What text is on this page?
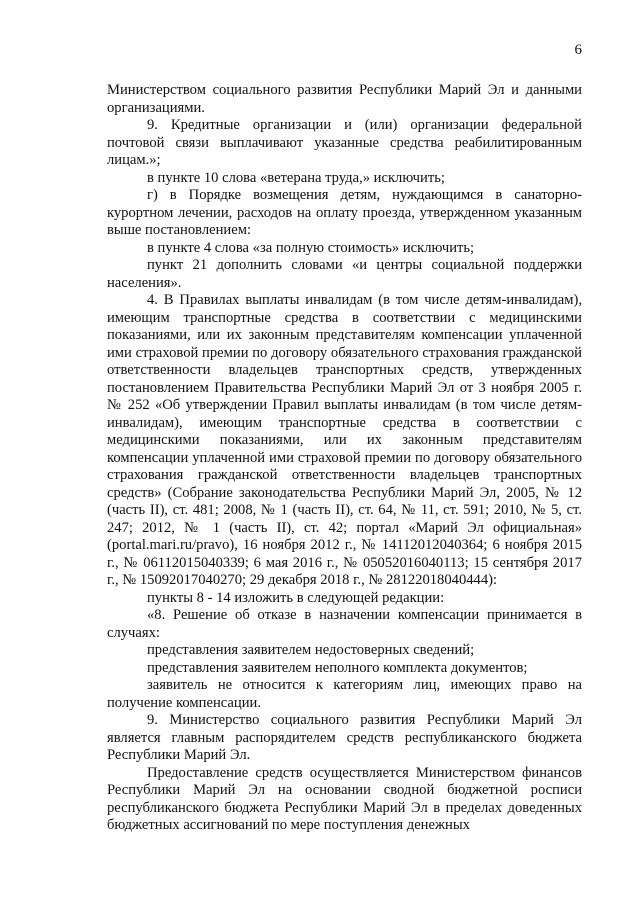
6

Министерством социального развития Республики Марий Эл и данными организациями.

9. Кредитные организации и (или) организации федеральной почтовой связи выплачивают указанные средства реабилитированным лицам.»;

в пункте 10 слова «ветерана труда,» исключить;

г) в Порядке возмещения детям, нуждающимся в санаторно-курортном лечении, расходов на оплату проезда, утвержденном указанным выше постановлением:

в пункте 4 слова «за полную стоимость» исключить;

пункт 21 дополнить словами «и центры социальной поддержки населения».

4. В Правилах выплаты инвалидам (в том числе детям-инвалидам), имеющим транспортные средства в соответствии с медицинскими показаниями, или их законным представителям компенсации уплаченной ими страховой премии по договору обязательного страхования гражданской ответственности владельцев транспортных средств, утвержденных постановлением Правительства Республики Марий Эл от 3 ноября 2005 г. № 252 «Об утверждении Правил выплаты инвалидам (в том числе детям-инвалидам), имеющим транспортные средства в соответствии с медицинскими показаниями, или их законным представителям компенсации уплаченной ими страховой премии по договору обязательного страхования гражданской ответственности владельцев транспортных средств» (Собрание законодательства Республики Марий Эл, 2005, № 12 (часть II), ст. 481; 2008, № 1 (часть II), ст. 64, № 11, ст. 591; 2010, № 5, ст. 247; 2012, № 1 (часть II), ст. 42; портал «Марий Эл официальная» (portal.mari.ru/pravo), 16 ноября 2012 г., № 14112012040364; 6 ноября 2015 г., № 06112015040339; 6 мая 2016 г., № 05052016040113; 15 сентября 2017 г., № 15092017040270; 29 декабря 2018 г., № 28122018040444):

пункты 8 - 14 изложить в следующей редакции:

«8. Решение об отказе в назначении компенсации принимается в случаях:

представления заявителем недостоверных сведений;

представления заявителем неполного комплекта документов;

заявитель не относится к категориям лиц, имеющих право на получение компенсации.

9. Министерство социального развития Республики Марий Эл является главным распорядителем средств республиканского бюджета Республики Марий Эл.

Предоставление средств осуществляется Министерством финансов Республики Марий Эл на основании сводной бюджетной росписи республиканского бюджета Республики Марий Эл в пределах доведенных бюджетных ассигнований по мере поступления денежных
